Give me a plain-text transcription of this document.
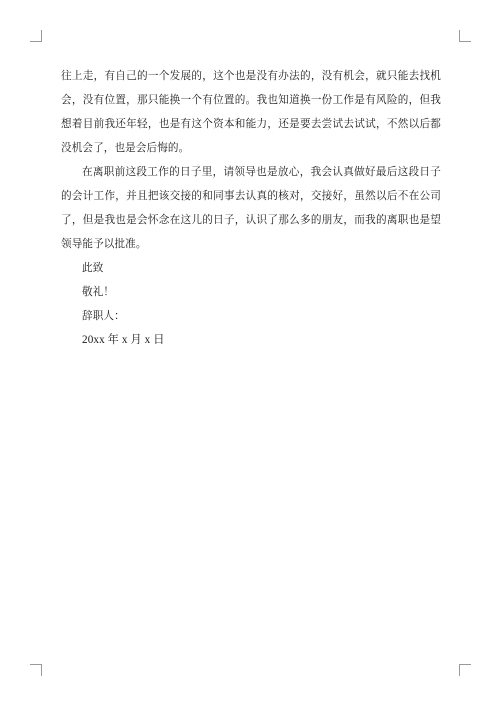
往上走，有自己的一个发展的，这个也是没有办法的，没有机会，就只能去找机会，没有位置，那只能换一个有位置的。我也知道换一份工作是有风险的，但我想着目前我还年轻，也是有这个资本和能力，还是要去尝试去试试，不然以后都没机会了，也是会后悔的。

在离职前这段工作的日子里，请领导也是放心，我会认真做好最后这段日子的会计工作，并且把该交接的和同事去认真的核对，交接好，虽然以后不在公司了，但是我也是会怀念在这儿的日子，认识了那么多的朋友，而我的离职也是望领导能予以批准。

此致

敬礼！

辞职人：

20xx 年 x 月 x 日
